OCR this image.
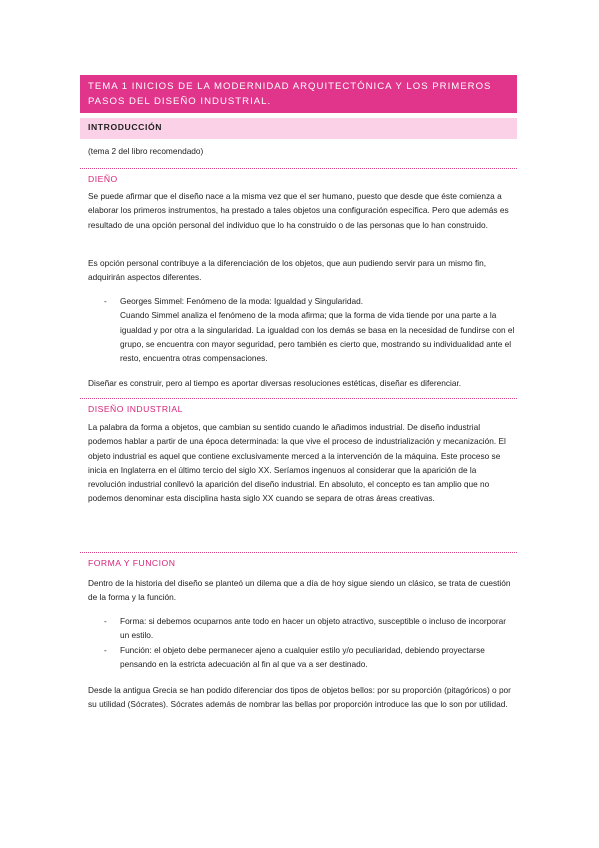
TEMA 1 INICIOS DE LA MODERNIDAD ARQUITECTÓNICA Y LOS PRIMEROS PASOS DEL DISEÑO INDUSTRIAL.
INTRODUCCIÓN
(tema 2 del libro recomendado)
DIEÑO
Se puede afirmar que el diseño nace a la misma vez que el ser humano, puesto que desde que éste comienza a elaborar los primeros instrumentos, ha prestado a tales objetos una configuración específica. Pero que además es resultado de una opción personal del individuo que lo ha construido o de las personas que lo han construido.
Es opción personal contribuye a la diferenciación de los objetos, que aun pudiendo servir para un mismo fin, adquirirán aspectos diferentes.
- Georges Simmel: Fenómeno de la moda: Igualdad y Singularidad.
Cuando Simmel analiza el fenómeno de la moda afirma; que la forma de vida tiende por una parte a la igualdad y por otra a la singularidad. La igualdad con los demás se basa en la necesidad de fundirse con el grupo, se encuentra con mayor seguridad, pero también es cierto que, mostrando su individualidad ante el resto, encuentra otras compensaciones.
Diseñar es construir, pero al tiempo es aportar diversas resoluciones estéticas, diseñar es diferenciar.
DISEÑO INDUSTRIAL
La palabra da forma a objetos, que cambian su sentido cuando le añadimos industrial. De diseño industrial podemos hablar a partir de una época determinada: la que vive el proceso de industrialización y mecanización. El objeto industrial es aquel que contiene exclusivamente merced a la intervención de la máquina. Este proceso se inicia en Inglaterra en el último tercio del siglo XX. Seríamos ingenuos al considerar que la aparición de la revolución industrial conllevó la aparición del diseño industrial. En absoluto, el concepto es tan amplio que no podemos denominar esta disciplina hasta siglo XX cuando se separa de otras áreas creativas.
FORMA Y FUNCION
Dentro de la historia del diseño se planteó un dilema que a día de hoy sigue siendo un clásico, se trata de cuestión de la forma y la función.
- Forma: si debemos ocuparnos ante todo en hacer un objeto atractivo, susceptible o incluso de incorporar un estilo.
- Función: el objeto debe permanecer ajeno a cualquier estilo y/o peculiaridad, debiendo proyectarse pensando en la estricta adecuación al fin al que va a ser destinado.
Desde la antigua Grecia se han podido diferenciar dos tipos de objetos bellos: por su proporción (pitagóricos) o por su utilidad (Sócrates). Sócrates además de nombrar las bellas por proporción introduce las que lo son por utilidad.
